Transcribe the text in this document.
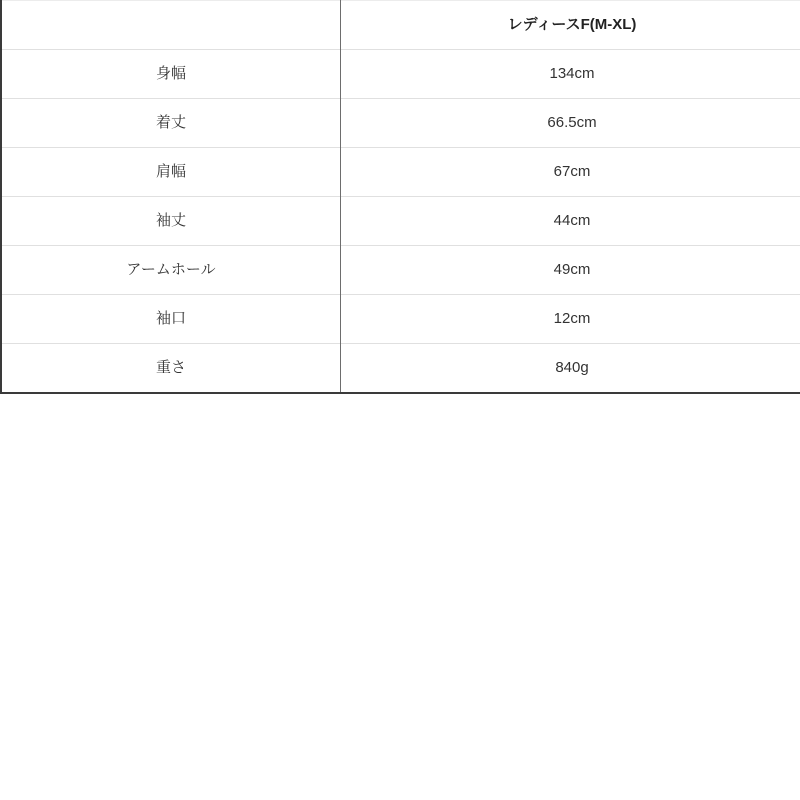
	レディースF(M-XL)
身幅	134cm
着丈	66.5cm
肩幅	67cm
袖丈	44cm
アームホール	49cm
袖口	12cm
重さ	840g
